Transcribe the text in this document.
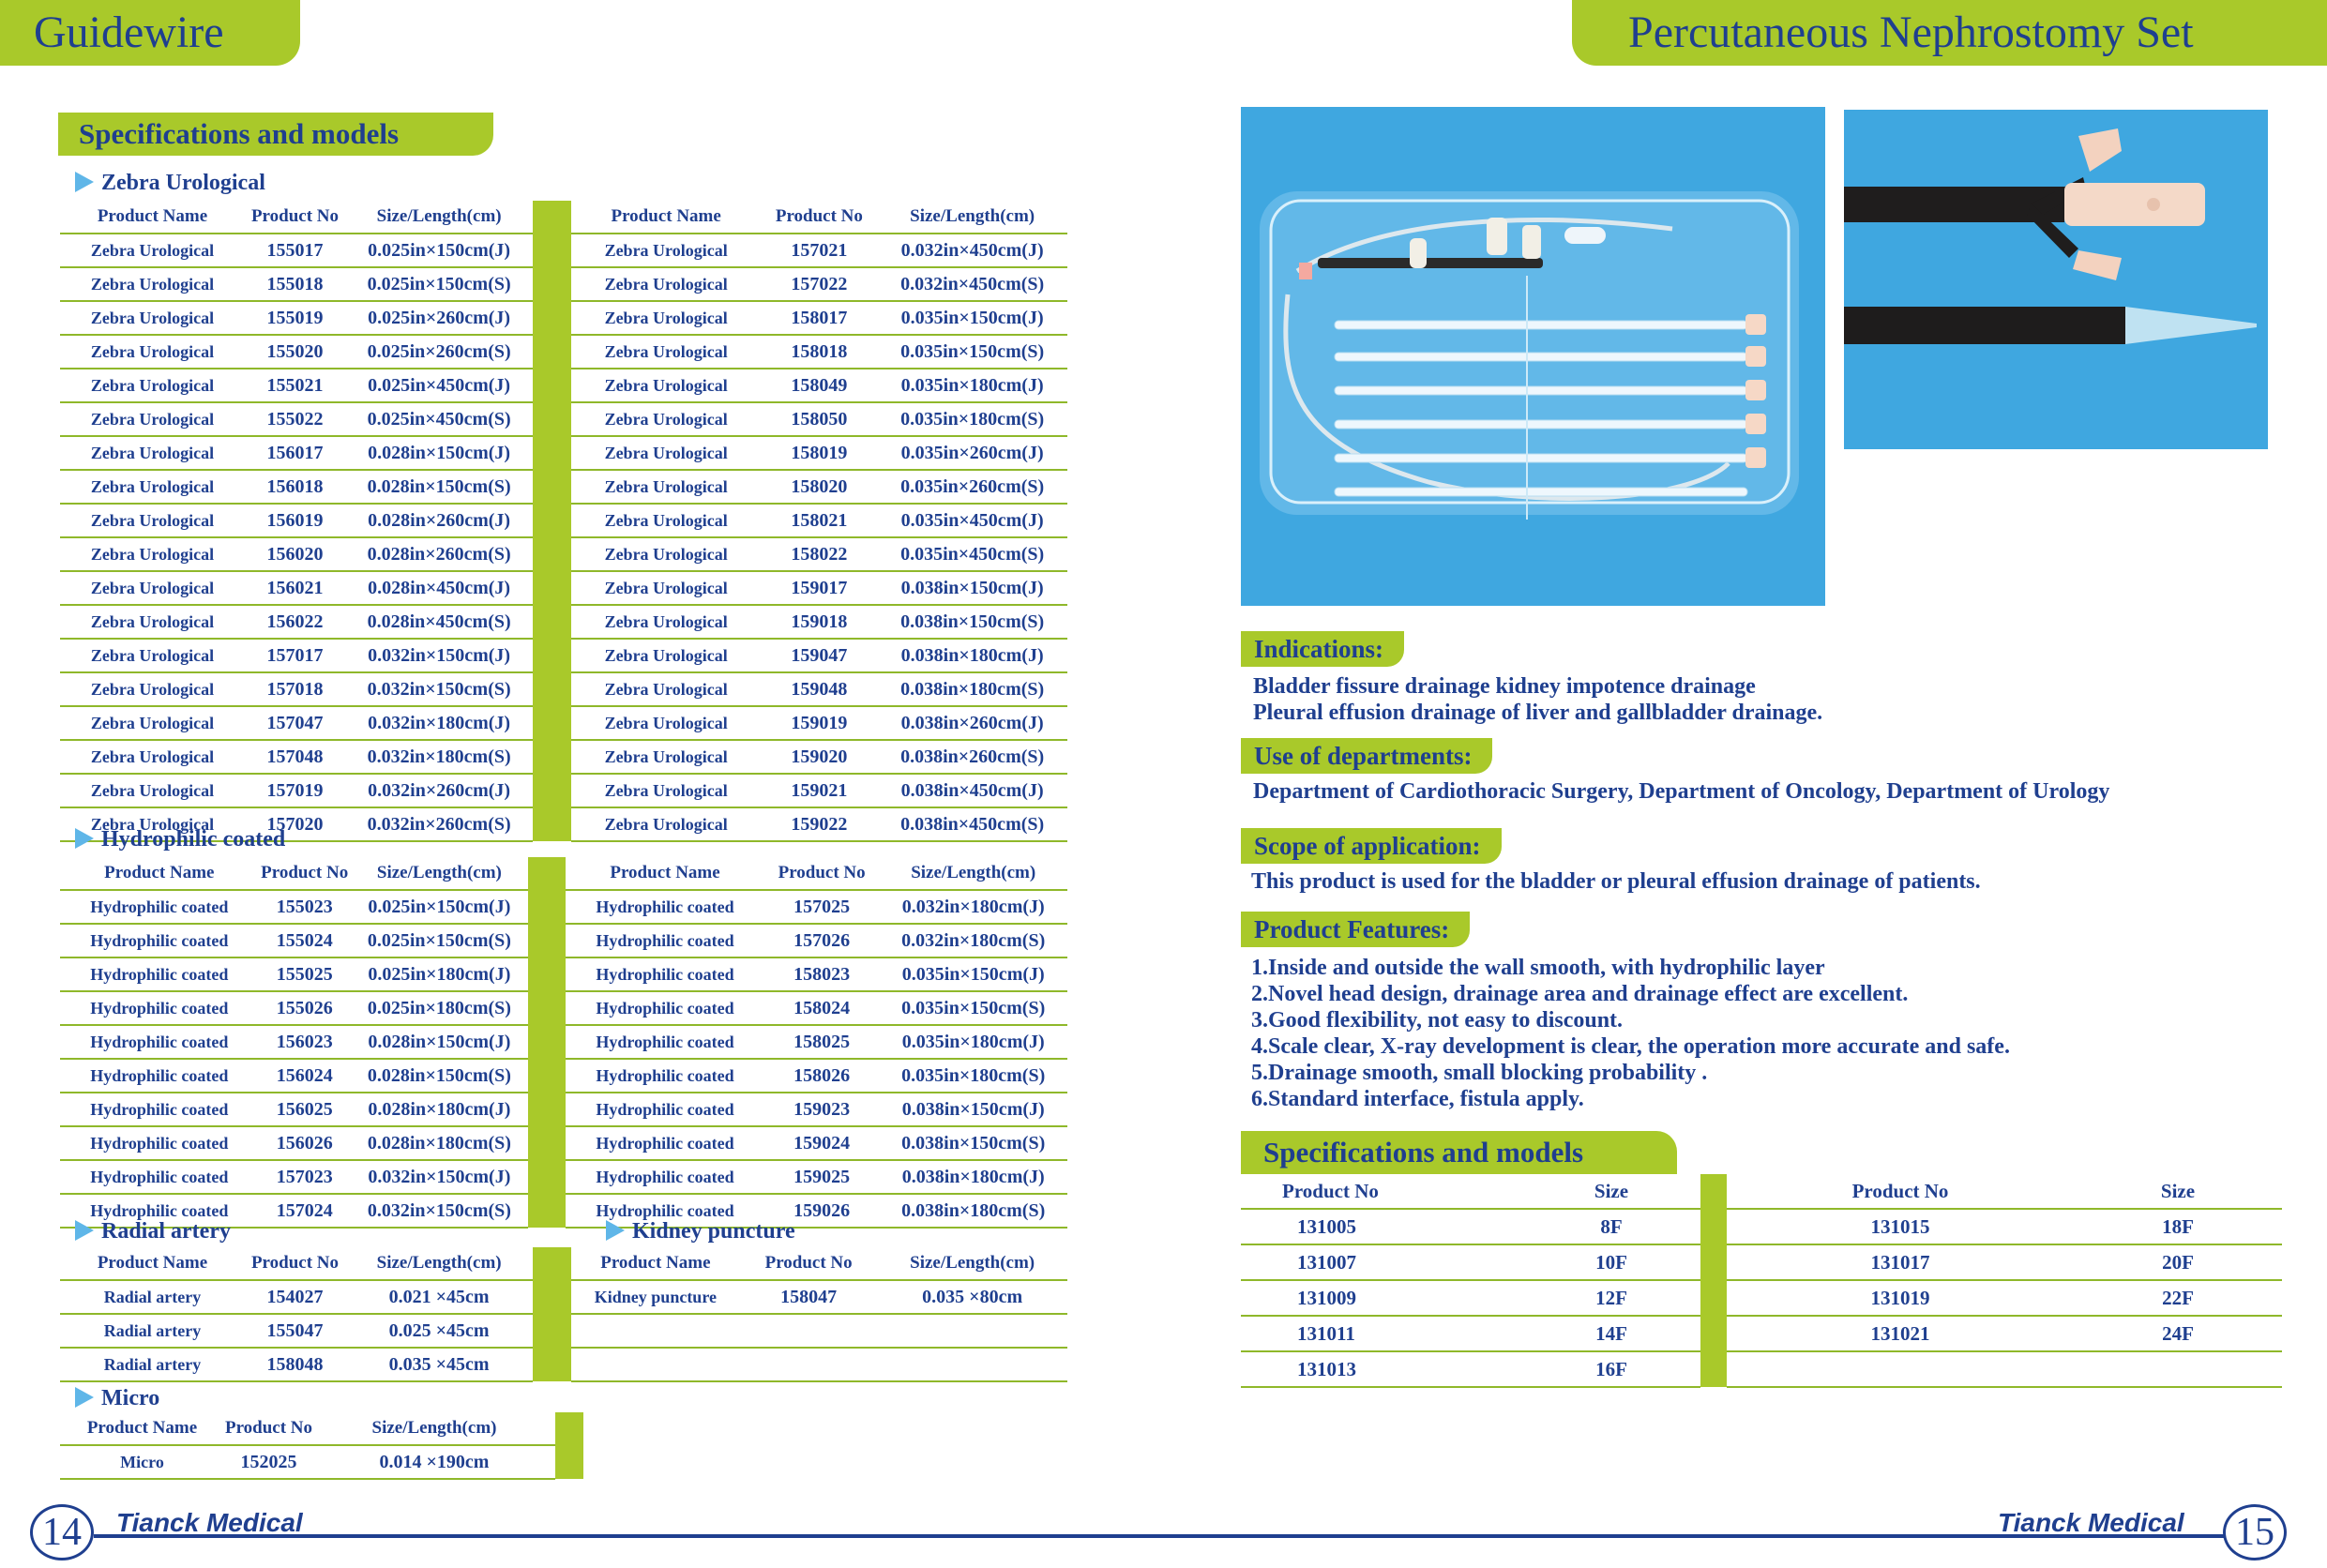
Guidewire
Specifications and models
Zebra Urological
Product Name	Product No	Size/Length(cm)		Product Name	Product No	Size/Length(cm)
Zebra Urological	155017	0.025in×150cm(J)		Zebra Urological	157021	0.032in×450cm(J)
Zebra Urological	155018	0.025in×150cm(S)		Zebra Urological	157022	0.032in×450cm(S)
Zebra Urological	155019	0.025in×260cm(J)		Zebra Urological	158017	0.035in×150cm(J)
Zebra Urological	155020	0.025in×260cm(S)		Zebra Urological	158018	0.035in×150cm(S)
Zebra Urological	155021	0.025in×450cm(J)		Zebra Urological	158049	0.035in×180cm(J)
Zebra Urological	155022	0.025in×450cm(S)		Zebra Urological	158050	0.035in×180cm(S)
Zebra Urological	156017	0.028in×150cm(J)		Zebra Urological	158019	0.035in×260cm(J)
Zebra Urological	156018	0.028in×150cm(S)		Zebra Urological	158020	0.035in×260cm(S)
Zebra Urological	156019	0.028in×260cm(J)		Zebra Urological	158021	0.035in×450cm(J)
Zebra Urological	156020	0.028in×260cm(S)		Zebra Urological	158022	0.035in×450cm(S)
Zebra Urological	156021	0.028in×450cm(J)		Zebra Urological	159017	0.038in×150cm(J)
Zebra Urological	156022	0.028in×450cm(S)		Zebra Urological	159018	0.038in×150cm(S)
Zebra Urological	157017	0.032in×150cm(J)		Zebra Urological	159047	0.038in×180cm(J)
Zebra Urological	157018	0.032in×150cm(S)		Zebra Urological	159048	0.038in×180cm(S)
Zebra Urological	157047	0.032in×180cm(J)		Zebra Urological	159019	0.038in×260cm(J)
Zebra Urological	157048	0.032in×180cm(S)		Zebra Urological	159020	0.038in×260cm(S)
Zebra Urological	157019	0.032in×260cm(J)		Zebra Urological	159021	0.038in×450cm(J)
Zebra Urological	157020	0.032in×260cm(S)		Zebra Urological	159022	0.038in×450cm(S)
Hydrophilic coated
Product Name	Product No	Size/Length(cm)		Product Name	Product No	Size/Length(cm)
Hydrophilic coated	155023	0.025in×150cm(J)		Hydrophilic coated	157025	0.032in×180cm(J)
Hydrophilic coated	155024	0.025in×150cm(S)		Hydrophilic coated	157026	0.032in×180cm(S)
Hydrophilic coated	155025	0.025in×180cm(J)		Hydrophilic coated	158023	0.035in×150cm(J)
Hydrophilic coated	155026	0.025in×180cm(S)		Hydrophilic coated	158024	0.035in×150cm(S)
Hydrophilic coated	156023	0.028in×150cm(J)		Hydrophilic coated	158025	0.035in×180cm(J)
Hydrophilic coated	156024	0.028in×150cm(S)		Hydrophilic coated	158026	0.035in×180cm(S)
Hydrophilic coated	156025	0.028in×180cm(J)		Hydrophilic coated	159023	0.038in×150cm(J)
Hydrophilic coated	156026	0.028in×180cm(S)		Hydrophilic coated	159024	0.038in×150cm(S)
Hydrophilic coated	157023	0.032in×150cm(J)		Hydrophilic coated	159025	0.038in×180cm(J)
Hydrophilic coated	157024	0.032in×150cm(S)		Hydrophilic coated	159026	0.038in×180cm(S)
Radial artery	Kidney puncture
Product Name	Product No	Size/Length(cm)		Product Name	Product No	Size/Length(cm)
Radial artery	154027	0.021 ×45cm		Kidney puncture	158047	0.035 ×80cm
Radial artery	155047	0.025 ×45cm				
Radial artery	158048	0.035 ×45cm				
Micro
Product Name	Product No	Size/Length(cm)	
Micro	152025	0.014 ×190cm	
Percutaneous Nephrostomy Set
Indications:
Bladder fissure drainage kidney impotence drainage
Pleural effusion drainage of liver and gallbladder drainage.
Use of departments:
Department of Cardiothoracic Surgery, Department of Oncology, Department of Urology
Scope of application:
This product is used for the bladder or pleural effusion drainage of patients.
Product Features:
1.Inside and outside the wall smooth, with hydrophilic layer
2.Novel head design, drainage area and drainage effect are excellent.
3.Good flexibility, not easy to discount.
4.Scale clear, X-ray development is clear, the operation more accurate and safe.
5.Drainage smooth, small blocking probability .
6.Standard interface, fistula apply.
Specifications and models
Product No	Size		Product No	Size
131005	8F		131015	18F
131007	10F		131017	20F
131009	12F		131019	22F
131011	14F		131021	24F
131013	16F			
14	Tianck Medical	Tianck Medical	15
